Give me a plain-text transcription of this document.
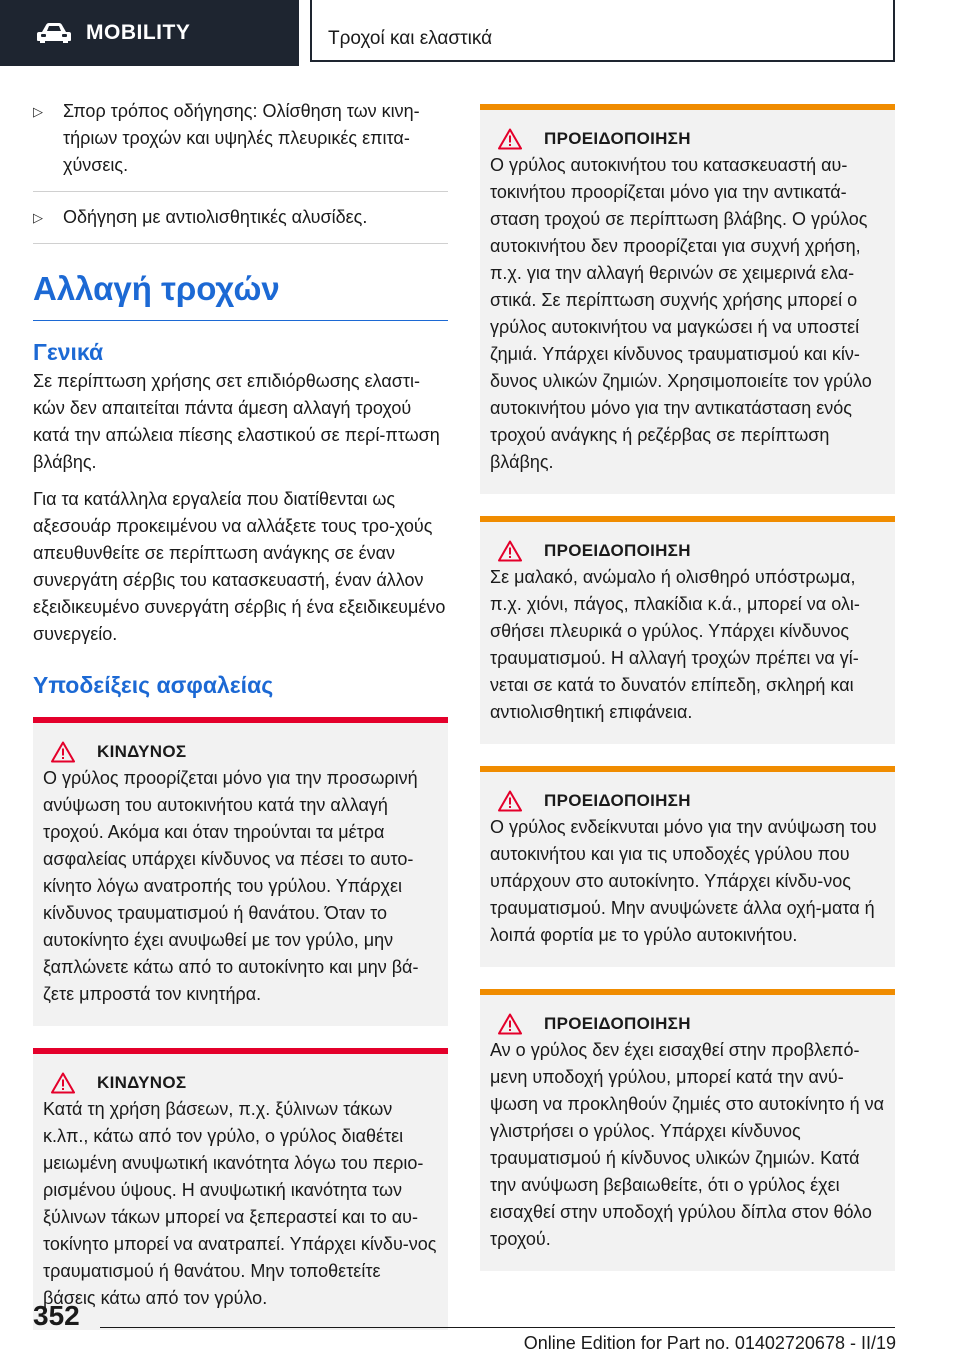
MOBILITY	Τροχοί και ελαστικά
▷	Σπορ τρόπος οδήγησης: Ολίσθηση των κινη-τήριων τροχών και υψηλές πλευρικές επιτα-χύνσεις.
▷	Οδήγηση με αντιολισθητικές αλυσίδες.
Αλλαγή τροχών
Γενικά

Σε περίπτωση χρήσης σετ επιδιόρθωσης ελαστι-κών δεν απαιτείται πάντα άμεση αλλαγή τροχού κατά την απώλεια πίεσης ελαστικού σε περί-πτωση βλάβης.

Για τα κατάλληλα εργαλεία που διατίθενται ως αξεσουάρ προκειμένου να αλλάξετε τους τρο-χούς απευθυνθείτε σε περίπτωση ανάγκης σε έναν συνεργάτη σέρβις του κατασκευαστή, έναν άλλον εξειδικευμένο συνεργάτη σέρβις ή ένα εξειδικευμένο συνεργείο.

Υποδείξεις ασφαλείας
ΚΙΝΔΥΝΟΣ
Ο γρύλος προορίζεται μόνο για την προσωρινή ανύψωση του αυτοκινήτου κατά την αλλαγή τροχού. Ακόμα και όταν τηρούνται τα μέτρα ασφαλείας υπάρχει κίνδυνος να πέσει το αυτο-κίνητο λόγω ανατροπής του γρύλου. Υπάρχει κίνδυνος τραυματισμού ή θανάτου. Όταν το αυτοκίνητο έχει ανυψωθεί με τον γρύλο, μην ξαπλώνετε κάτω από το αυτοκίνητο και μην βά-ζετε μπροστά τον κινητήρα.
ΚΙΝΔΥΝΟΣ
Κατά τη χρήση βάσεων, π.χ. ξύλινων τάκων κ.λπ., κάτω από τον γρύλο, ο γρύλος διαθέτει μειωμένη ανυψωτική ικανότητα λόγω του περιο-ρισμένου ύψους. Η ανυψωτική ικανότητα των ξύλινων τάκων μπορεί να ξεπεραστεί και το αυ-τοκίνητο μπορεί να ανατραπεί. Υπάρχει κίνδυ-νος τραυματισμού ή θανάτου. Μην τοποθετείτε βάσεις κάτω από τον γρύλο.
ΠΡΟΕΙΔΟΠΟΙΗΣΗ
Ο γρύλος αυτοκινήτου του κατασκευαστή αυ-τοκινήτου προορίζεται μόνο για την αντικατά-σταση τροχού σε περίπτωση βλάβης. Ο γρύλος αυτοκινήτου δεν προορίζεται για συχνή χρήση, π.χ. για την αλλαγή θερινών σε χειμερινά ελα-στικά. Σε περίπτωση συχνής χρήσης μπορεί ο γρύλος αυτοκινήτου να μαγκώσει ή να υποστεί ζημιά. Υπάρχει κίνδυνος τραυματισμού και κίν-δυνος υλικών ζημιών. Χρησιμοποιείτε τον γρύλο αυτοκινήτου μόνο για την αντικατάσταση ενός τροχού ανάγκης ή ρεζέρβας σε περίπτωση βλάβης.
ΠΡΟΕΙΔΟΠΟΙΗΣΗ
Σε μαλακό, ανώμαλο ή ολισθηρό υπόστρωμα, π.χ. χιόνι, πάγος, πλακίδια κ.ά., μπορεί να ολι-σθήσει πλευρικά ο γρύλος. Υπάρχει κίνδυνος τραυματισμού. Η αλλαγή τροχών πρέπει να γί-νεται σε κατά το δυνατόν επίπεδη, σκληρή και αντιολισθητική επιφάνεια.
ΠΡΟΕΙΔΟΠΟΙΗΣΗ
Ο γρύλος ενδείκνυται μόνο για την ανύψωση του αυτοκινήτου και για τις υποδοχές γρύλου που υπάρχουν στο αυτοκίνητο. Υπάρχει κίνδυ-νος τραυματισμού. Μην ανυψώνετε άλλα οχή-ματα ή λοιπά φορτία με το γρύλο αυτοκινήτου.
ΠΡΟΕΙΔΟΠΟΙΗΣΗ
Αν ο γρύλος δεν έχει εισαχθεί στην προβλεπό-μενη υποδοχή γρύλου, μπορεί κατά την ανύ-ψωση να προκληθούν ζημιές στο αυτοκίνητο ή να γλιστρήσει ο γρύλος. Υπάρχει κίνδυνος τραυματισμού ή κίνδυνος υλικών ζημιών. Κατά την ανύψωση βεβαιωθείτε, ότι ο γρύλος έχει εισαχθεί στην υποδοχή γρύλου δίπλα στον θόλο τροχού.
352
Online Edition for Part no. 01402720678 - II/19
